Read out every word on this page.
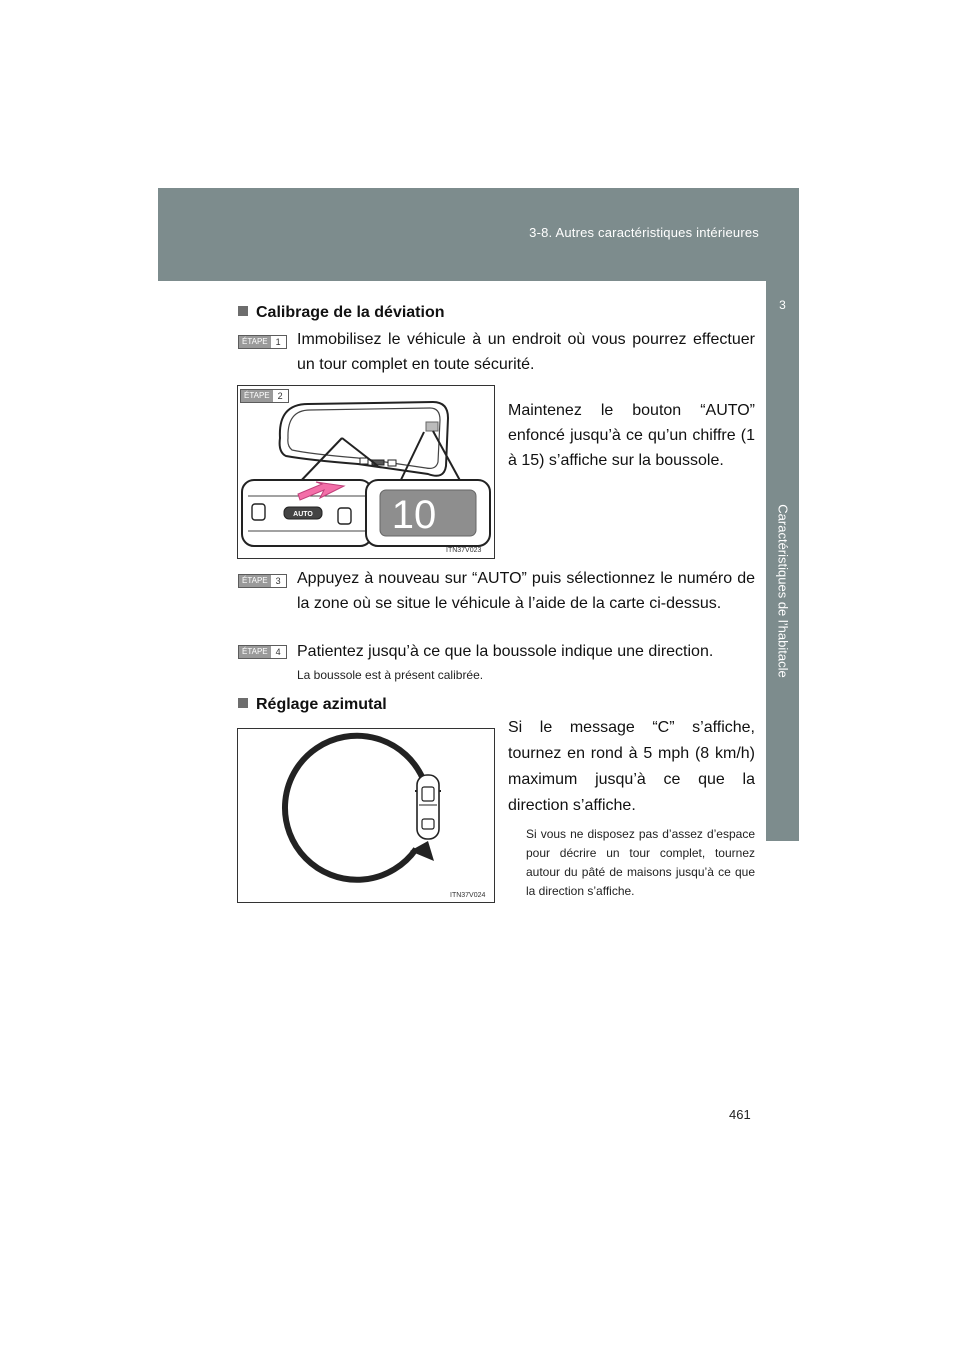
3-8. Autres caractéristiques intérieures
3
Caractéristiques de l’habitacle
Calibrage de la déviation
ÉTAPE 1	Immobilisez le véhicule à un endroit où vous pourrez effectuer un tour complet en toute sécurité.
ÉTAPE 2
AUTO 10
ITN37V023
Maintenez le bouton “AUTO” enfoncé jusqu’à ce qu’un chiffre (1 à 15) s’affiche sur la boussole.
ÉTAPE 3	Appuyez à nouveau sur “AUTO” puis sélectionnez le numéro de la zone où se situe le véhicule à l’aide de la carte ci-dessus.
ÉTAPE 4	Patientez jusqu’à ce que la boussole indique une direction.
La boussole est à présent calibrée.
Réglage azimutal
ITN37V024
Si le message “C” s’affiche, tournez en rond à 5 mph (8 km/h) maximum jusqu’à ce que la direction s’affiche.
Si vous ne disposez pas d’assez d’espace pour décrire un tour complet, tournez autour du pâté de maisons jusqu’à ce que la direction s’affiche.
461
